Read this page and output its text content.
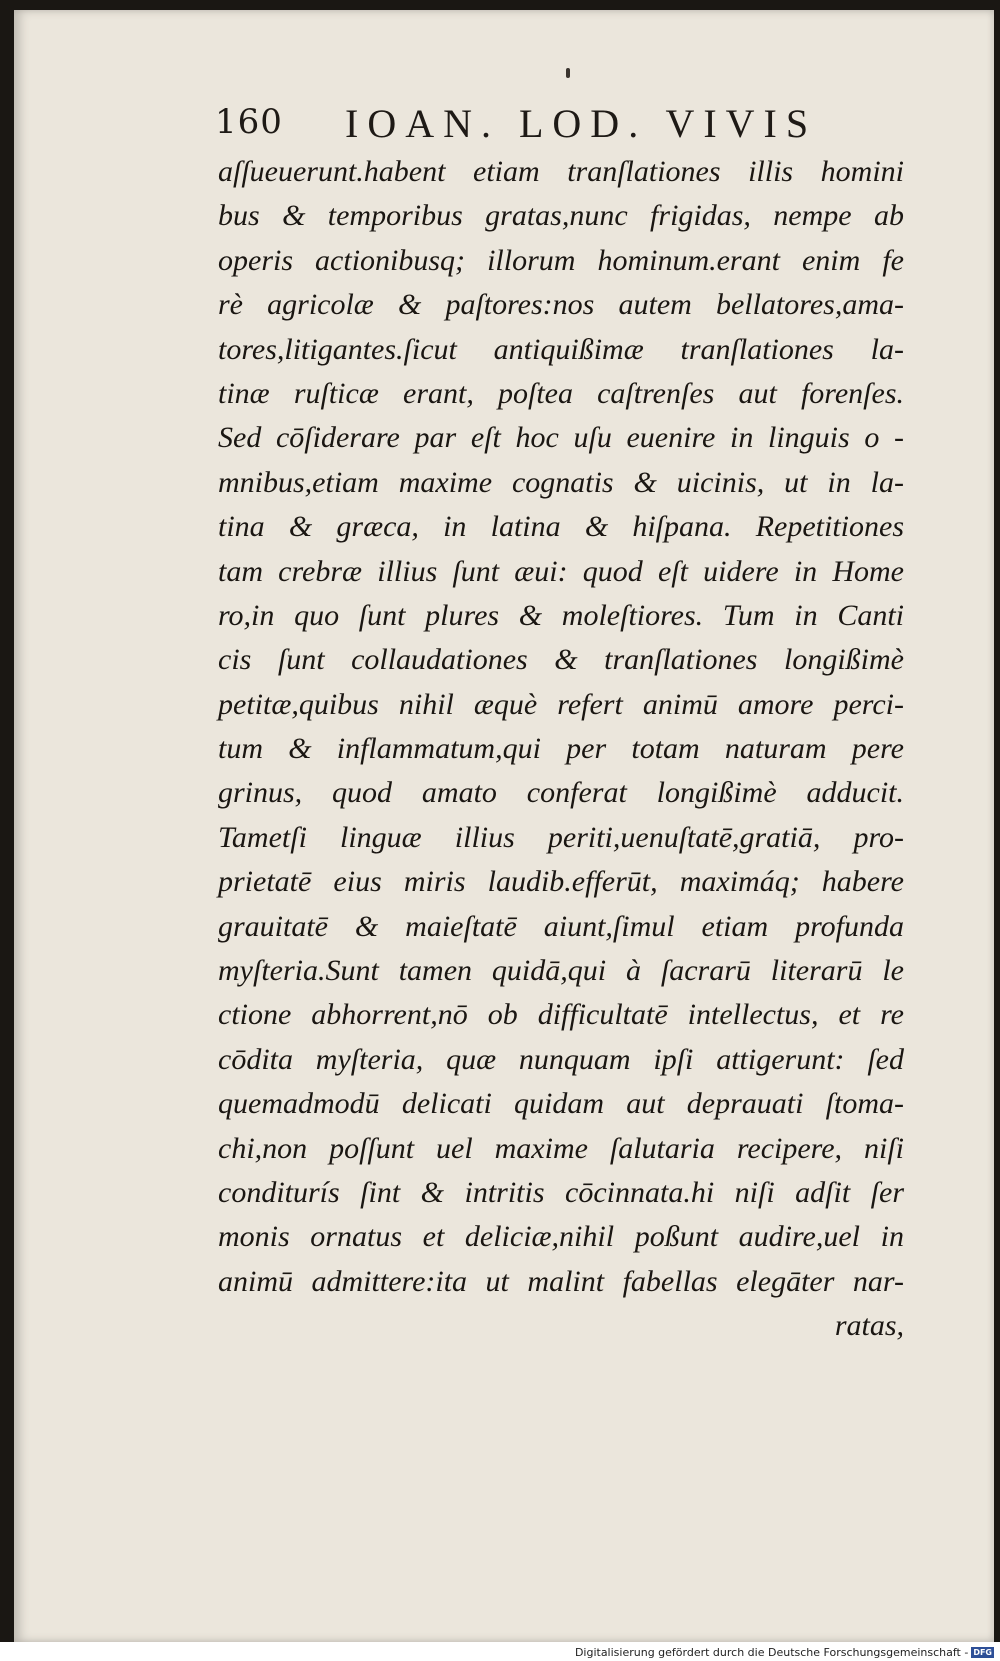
160 IOAN. LOD. VIVIS
aſſueuerunt.habent etiam tranſlationes illis homini
bus & temporibus gratas,nunc frigidas, nempe ab
operis actionibusq; illorum hominum.erant enim fe
rè agricolæ & paſtores:nos autem bellatores,ama-
tores,litigantes.ſicut antiquißimæ tranſlationes la-
tinæ ruſticæ erant, poſtea caſtrenſes aut forenſes.
Sed cōſiderare par eſt hoc uſu euenire in linguis o -
mnibus,etiam maxime cognatis & uicinis, ut in la-
tina & græca, in latina & hiſpana. Repetitiones
tam crebræ illius ſunt æui: quod eſt uidere in Home
ro,in quo ſunt plures & moleſtiores. Tum in Canti
cis ſunt collaudationes & tranſlationes longißimè
petitæ,quibus nihil æquè refert animū amore perci-
tum & inflammatum,qui per totam naturam pere
grinus, quod amato conferat longißimè adducit.
Tametſi linguæ illius periti,uenuſtatē,gratiā, pro-
prietatē eius miris laudib.efferūt, maximáq; habere
grauitatē & maieſtatē aiunt,ſimul etiam profunda
myſteria.Sunt tamen quidā,qui à ſacrarū literarū le
ctione abhorrent,nō ob difficultatē intellectus, et re
cōdita myſteria, quæ nunquam ipſi attigerunt: ſed
quemadmodū delicati quidam aut deprauati ſtoma-
chi,non poſſunt uel maxime ſalutaria recipere, niſi
conditurís ſint & intritis cōcinnata.hi niſi adſit ſer
monis ornatus et deliciæ,nihil poßunt audire,uel in
animū admittere:ita ut malint fabellas elegāter nar-
ratas,
Digitalisierung gefördert durch die Deutsche Forschungsgemeinschaft - DFG
